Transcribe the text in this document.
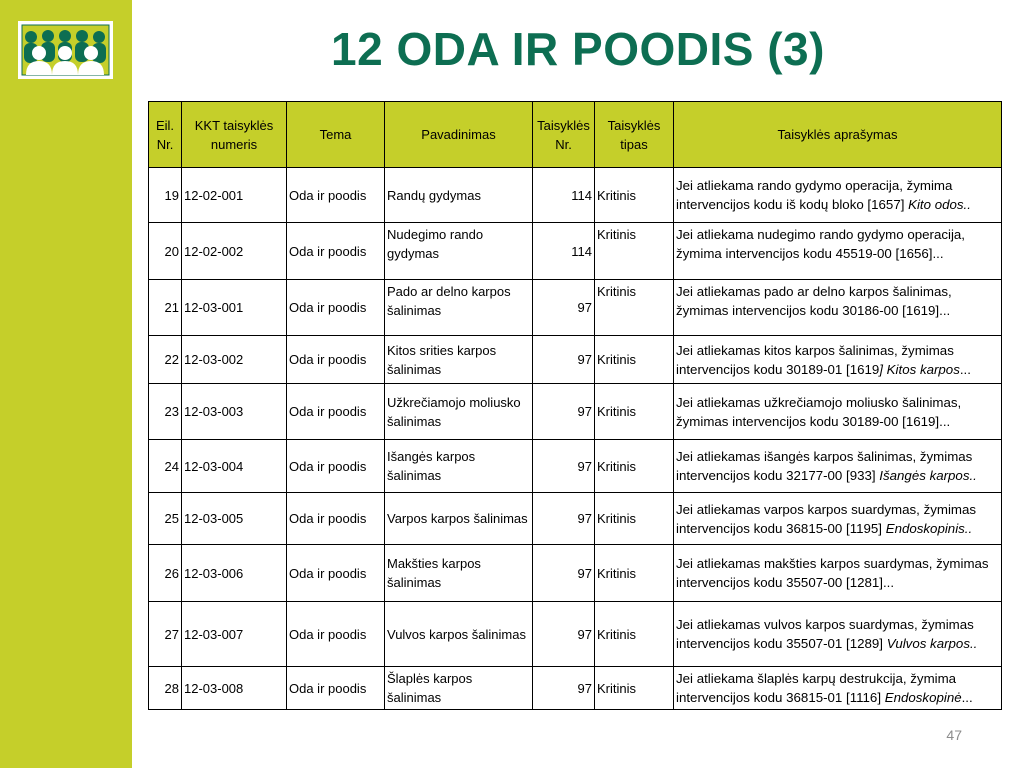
12 ODA IR POODIS (3)
Eil. Nr.	KKT taisyklės numeris	Tema	Pavadinimas	Taisyklės Nr.	Taisyklės tipas	Taisyklės aprašymas
19	12-02-001	Oda ir poodis	Randų gydymas	114	Kritinis	Jei atliekama rando gydymo operacija, žymima intervencijos kodu iš kodų bloko [1657] Kito odos..
20	12-02-002	Oda ir poodis	Nudegimo rando gydymas	114	Kritinis	Jei atliekama nudegimo rando gydymo operacija, žymima intervencijos kodu 45519-00 [1656]...
21	12-03-001	Oda ir poodis	Pado ar delno karpos šalinimas	97	Kritinis	Jei atliekamas pado ar delno karpos šalinimas, žymimas intervencijos kodu 30186-00 [1619]...
22	12-03-002	Oda ir poodis	Kitos srities karpos šalinimas	97	Kritinis	Jei atliekamas kitos karpos šalinimas, žymimas intervencijos kodu 30189-01 [1619] Kitos karpos...
23	12-03-003	Oda ir poodis	Užkrečiamojo moliusko šalinimas	97	Kritinis	Jei atliekamas užkrečiamojo moliusko šalinimas, žymimas intervencijos kodu 30189-00 [1619]...
24	12-03-004	Oda ir poodis	Išangės karpos šalinimas	97	Kritinis	Jei atliekamas išangės karpos šalinimas, žymimas intervencijos kodu 32177-00 [933] Išangės karpos..
25	12-03-005	Oda ir poodis	Varpos karpos šalinimas	97	Kritinis	Jei atliekamas varpos karpos suardymas, žymimas intervencijos kodu 36815-00 [1195] Endoskopinis..
26	12-03-006	Oda ir poodis	Makšties karpos šalinimas	97	Kritinis	Jei atliekamas makšties karpos suardymas, žymimas intervencijos kodu 35507-00 [1281]...
27	12-03-007	Oda ir poodis	Vulvos karpos šalinimas	97	Kritinis	Jei atliekamas vulvos karpos suardymas, žymimas intervencijos kodu 35507-01 [1289] Vulvos karpos..
28	12-03-008	Oda ir poodis	Šlaplės karpos šalinimas	97	Kritinis	Jei atliekama šlaplės karpų destrukcija, žymima intervencijos kodu 36815-01 [1116] Endoskopinė...
47
